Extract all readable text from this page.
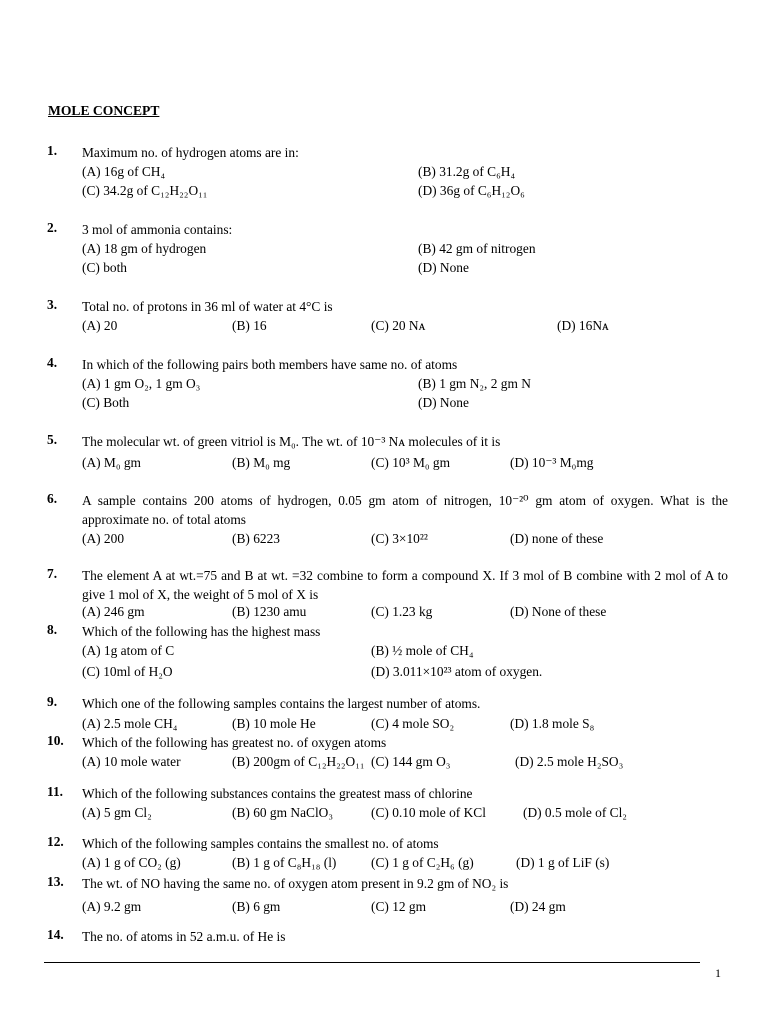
MOLE CONCEPT
1. Maximum no. of hydrogen atoms are in:
(A) 16g of CH₄	(B) 31.2g of C₆H₄
(C) 34.2g of C₁₂H₂₂O₁₁	(D) 36g of C₆H₁₂O₆
2. 3 mol of ammonia contains:
(A) 18 gm of hydrogen	(B) 42 gm of nitrogen
(C) both	(D) None
3. Total no. of protons in 36 ml of water at 4°C is
(A) 20	(B) 16	(C) 20 Nᴀ	(D) 16Nᴀ
4. In which of the following pairs both members have same no. of atoms
(A) 1 gm O₂, 1 gm O₃	(B) 1 gm N₂, 2 gm N
(C) Both	(D) None
5. The molecular wt. of green vitriol is M₀. The wt. of 10⁻³ Nᴀ molecules of it is
(A) M₀ gm	(B) M₀ mg	(C) 10³ M₀ gm	(D) 10⁻³ M₀mg
6. A sample contains 200 atoms of hydrogen, 0.05 gm atom of nitrogen, 10⁻²⁰ gm atom of oxygen. What is the approximate no. of total atoms
(A) 200	(B) 6223	(C) 3×10²²	(D) none of these
7. The element A at wt.=75 and B at wt. =32 combine to form a compound X. If 3 mol of B combine with 2 mol of A to give 1 mol of X, the weight of 5 mol of X is
(A) 246 gm	(B) 1230 amu	(C) 1.23 kg	(D) None of these
8. Which of the following has the highest mass
(A) 1g atom of C	(B) ½ mole of CH₄
(C) 10ml of H₂O	(D) 3.011×10²³ atom of oxygen.
9. Which one of the following samples contains the largest number of atoms.
(A) 2.5 mole CH₄	(B) 10 mole He	(C) 4 mole SO₂	(D) 1.8 mole S₈
10. Which of the following has greatest no. of oxygen atoms
(A) 10 mole water	(B) 200gm of C₁₂H₂₂O₁₁ (C) 144 gm O₃	(D) 2.5 mole H₂SO₃
11. Which of the following substances contains the greatest mass of chlorine
(A) 5 gm Cl₂	(B) 60 gm NaClO₃	(C) 0.10 mole of KCl	(D) 0.5 mole of Cl₂
12. Which of the following samples contains the smallest no. of atoms
(A) 1 g of CO₂ (g)	(B) 1 g of C₈H₁₈ (l)	(C) 1 g of C₂H₆ (g)	(D) 1 g of LiF (s)
13. The wt. of NO having the same no. of oxygen atom present in 9.2 gm of NO₂ is
(A) 9.2 gm	(B) 6 gm	(C) 12 gm	(D) 24 gm
14. The no. of atoms in 52 a.m.u. of He is
1
